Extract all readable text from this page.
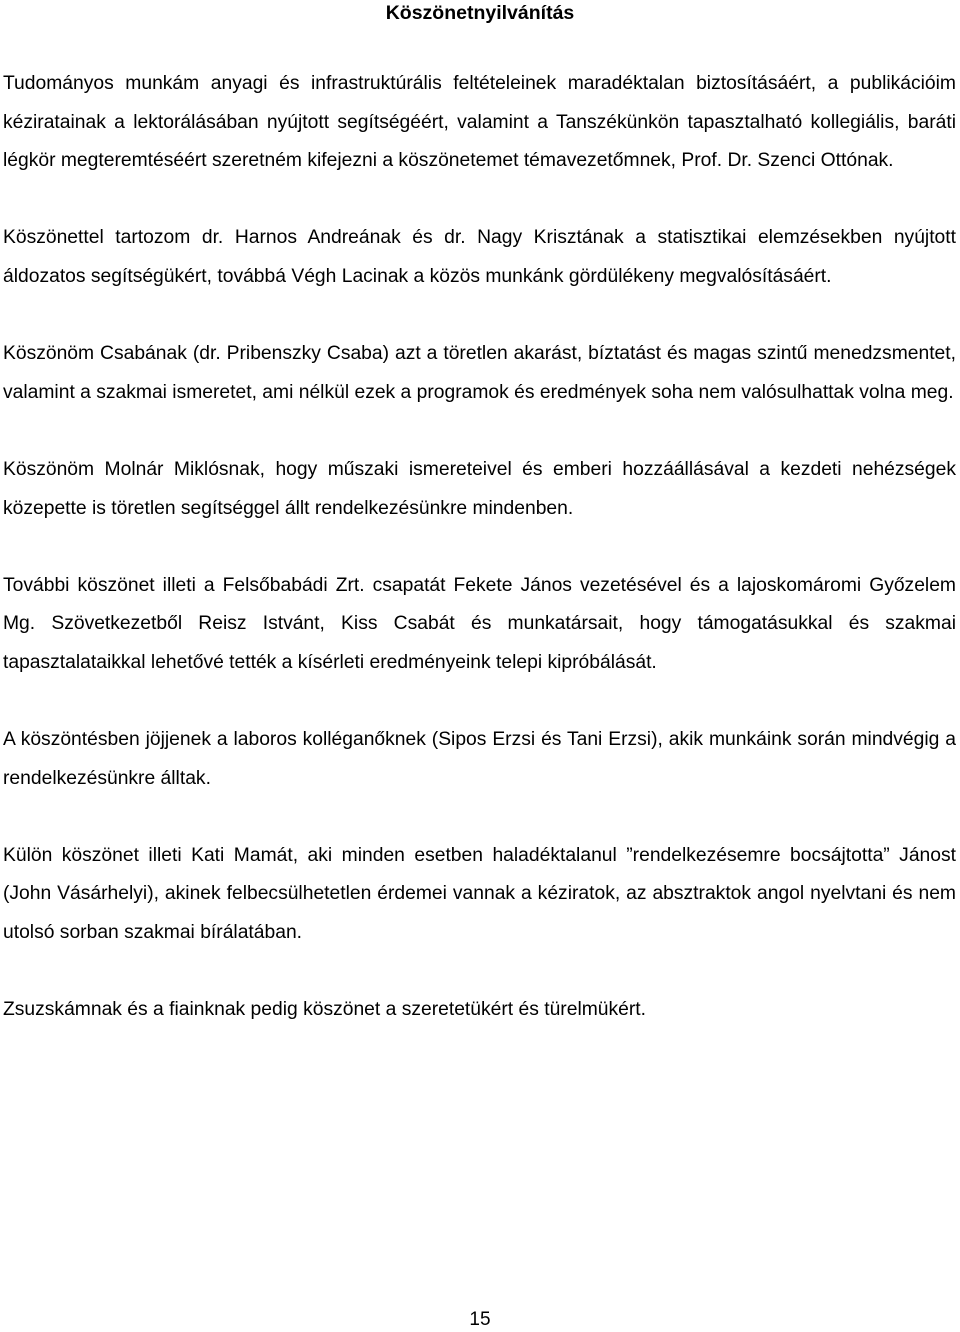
Köszönetnyilvánítás

Tudományos munkám anyagi és infrastruktúrális feltételeinek maradéktalan biztosításáért, a publikációim kéziratainak a lektorálásában nyújtott segítségéért, valamint a Tanszékünkön tapasztalható kollegiális, baráti légkör megteremtéséért szeretném kifejezni a köszönetemet témavezetőmnek, Prof. Dr. Szenci Ottónak.

Köszönettel tartozom dr. Harnos Andreának és dr. Nagy Krisztának a statisztikai elemzésekben nyújtott áldozatos segítségükért, továbbá Végh Lacinak a közös munkánk gördülékeny megvalósításáért.

Köszönöm Csabának (dr. Pribenszky Csaba) azt a töretlen akarást, bíztatást és magas szintű menedzsmentet, valamint a szakmai ismeretet, ami nélkül ezek a programok és eredmények soha nem valósulhattak volna meg.

Köszönöm Molnár Miklósnak, hogy műszaki ismereteivel és emberi hozzáállásával a kezdeti nehézségek közepette is töretlen segítséggel állt rendelkezésünkre mindenben.

További köszönet illeti a Felsőbabádi Zrt. csapatát Fekete János vezetésével és a lajoskomáromi Győzelem Mg. Szövetkezetből Reisz Istvánt, Kiss Csabát és munkatársait, hogy támogatásukkal és szakmai tapasztalataikkal lehetővé tették a kísérleti eredményeink telepi kipróbálását.

A köszöntésben jöjjenek a laboros kolléganőknek (Sipos Erzsi és Tani Erzsi), akik munkáink során mindvégig a rendelkezésünkre álltak.

Külön köszönet illeti Kati Mamát, aki minden esetben haladéktalanul ”rendelkezésemre bocsájtotta” Jánost (John Vásárhelyi), akinek felbecsülhetetlen érdemei vannak a kéziratok, az absztraktok angol nyelvtani és nem utolsó sorban szakmai bírálatában.

Zsuzskámnak és a fiainknak pedig köszönet a szeretetükért és türelmükért.

15
